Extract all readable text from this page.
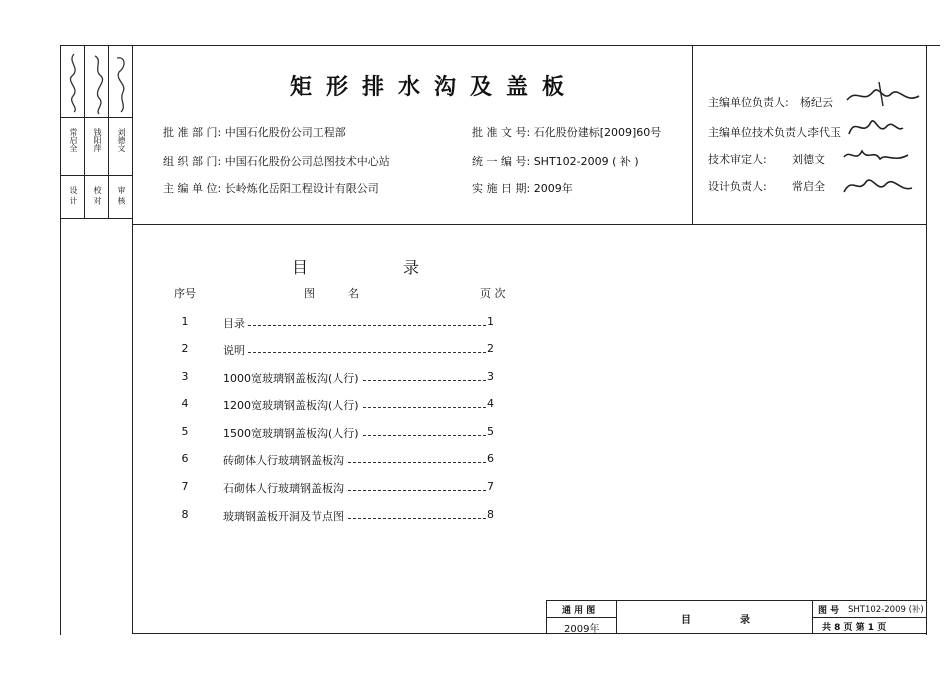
设 计 校 对 审 核
常启全 钱阳萍 刘德文
矩形排水沟及盖板
批 准 部 门: 中国石化股份公司工程部
组 织 部 门: 中国石化股份公司总图技术中心站
主 编 单 位: 长岭炼化岳阳工程设计有限公司
批 准 文 号: 石化股份建标[2009]60号
统 一 编 号: SHT102-2009 ( 补 )
实 施 日 期: 2009年
主编单位负责人: 杨纪云
主编单位技术负责人:
李代玉
技术审定人: 刘德文
设计负责人: 常启全
目	录
序号	图	名	页 次
1	目录	1
2	说明	2
3	1000宽玻璃钢盖板沟(人行)	3
4	1200宽玻璃钢盖板沟(人行)	4
5	1500宽玻璃钢盖板沟(人行)	5
6	砖砌体人行玻璃钢盖板沟	6
7	石砌体人行玻璃钢盖板沟	7
8	玻璃钢盖板开洞及节点图	8
通 用 图
2009年
目	录
图 号 SHT102-2009 (补)
共 8 页 第 1 页
